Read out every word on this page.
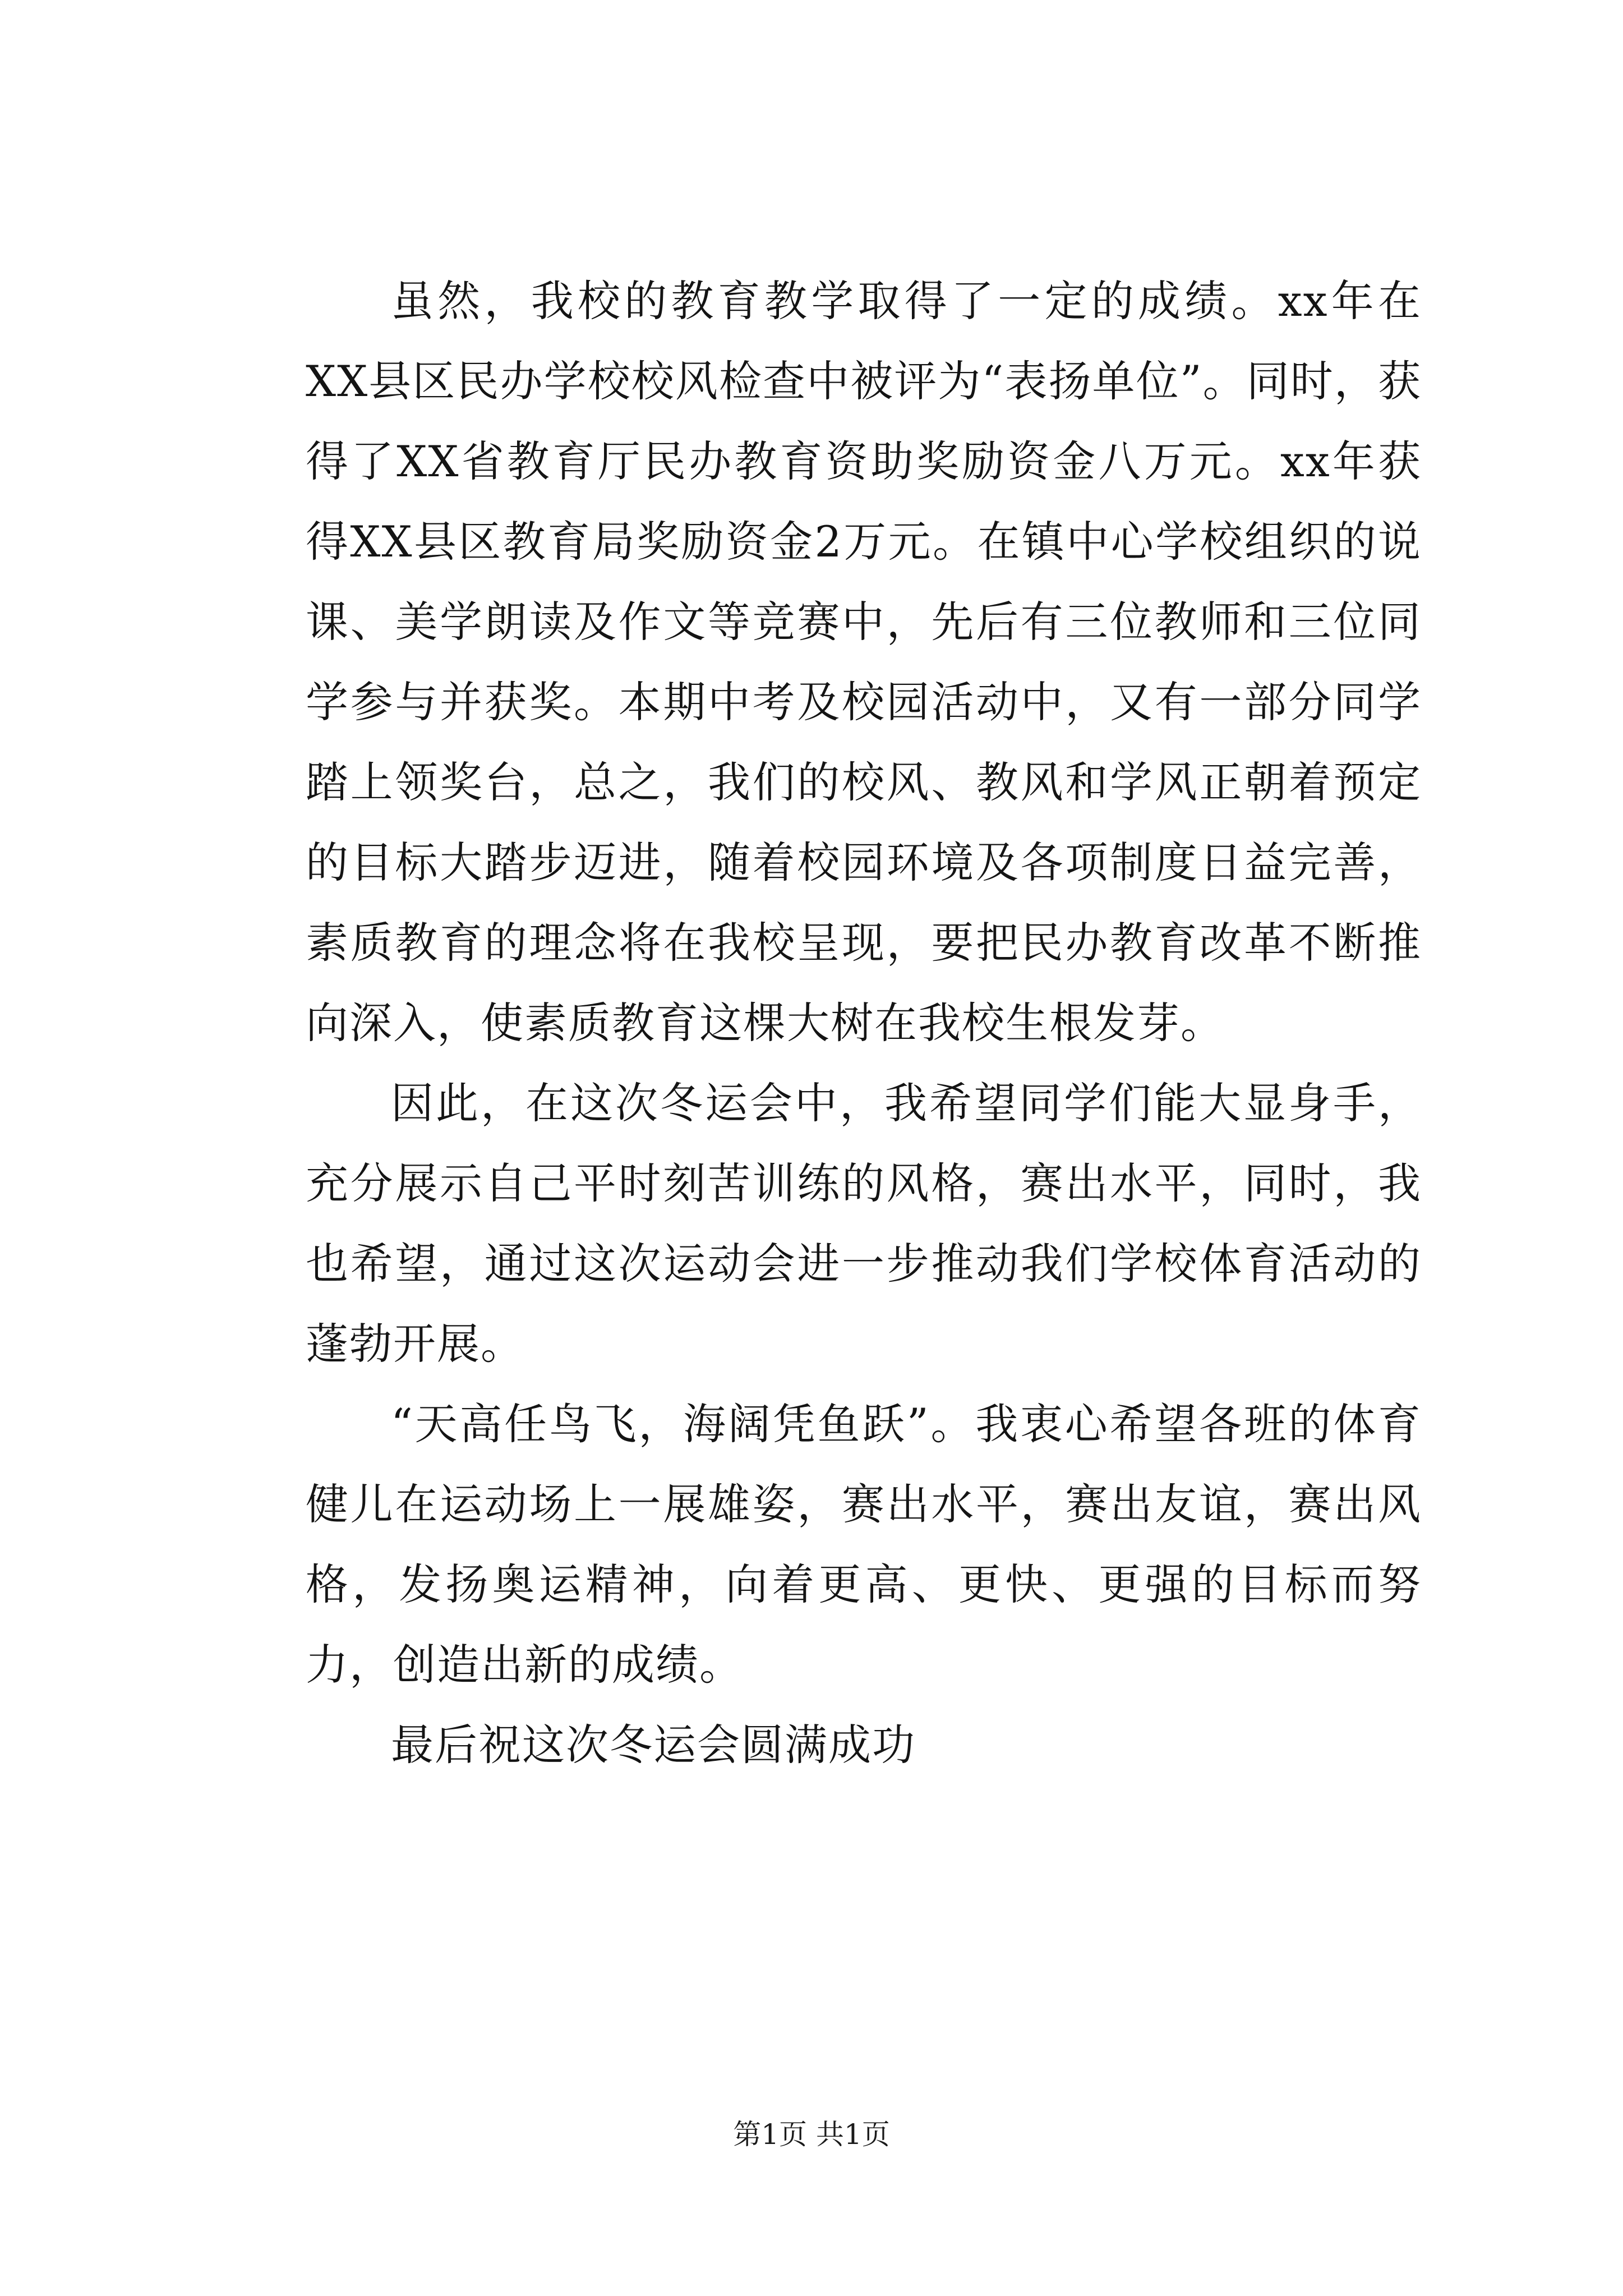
虽然，我校的教育教学取得了一定的成绩。xx年在XX县区民办学校校风检查中被评为“表扬单位”。同时，获得了XX省教育厅民办教育资助奖励资金八万元。xx年获得XX县区教育局奖励资金2万元。在镇中心学校组织的说课、美学朗读及作文等竞赛中，先后有三位教师和三位同学参与并获奖。本期中考及校园活动中，又有一部分同学踏上领奖台，总之，我们的校风、教风和学风正朝着预定的目标大踏步迈进，随着校园环境及各项制度日益完善，素质教育的理念将在我校呈现，要把民办教育改革不断推向深入，使素质教育这棵大树在我校生根发芽。

因此，在这次冬运会中，我希望同学们能大显身手，充分展示自己平时刻苦训练的风格，赛出水平，同时，我也希望，通过这次运动会进一步推动我们学校体育活动的蓬勃开展。

“天高任鸟飞，海阔凭鱼跃”。我衷心希望各班的体育健儿在运动场上一展雄姿，赛出水平，赛出友谊，赛出风格，发扬奥运精神，向着更高、更快、更强的目标而努力，创造出新的成绩。

最后祝这次冬运会圆满成功

第1页 共1页
